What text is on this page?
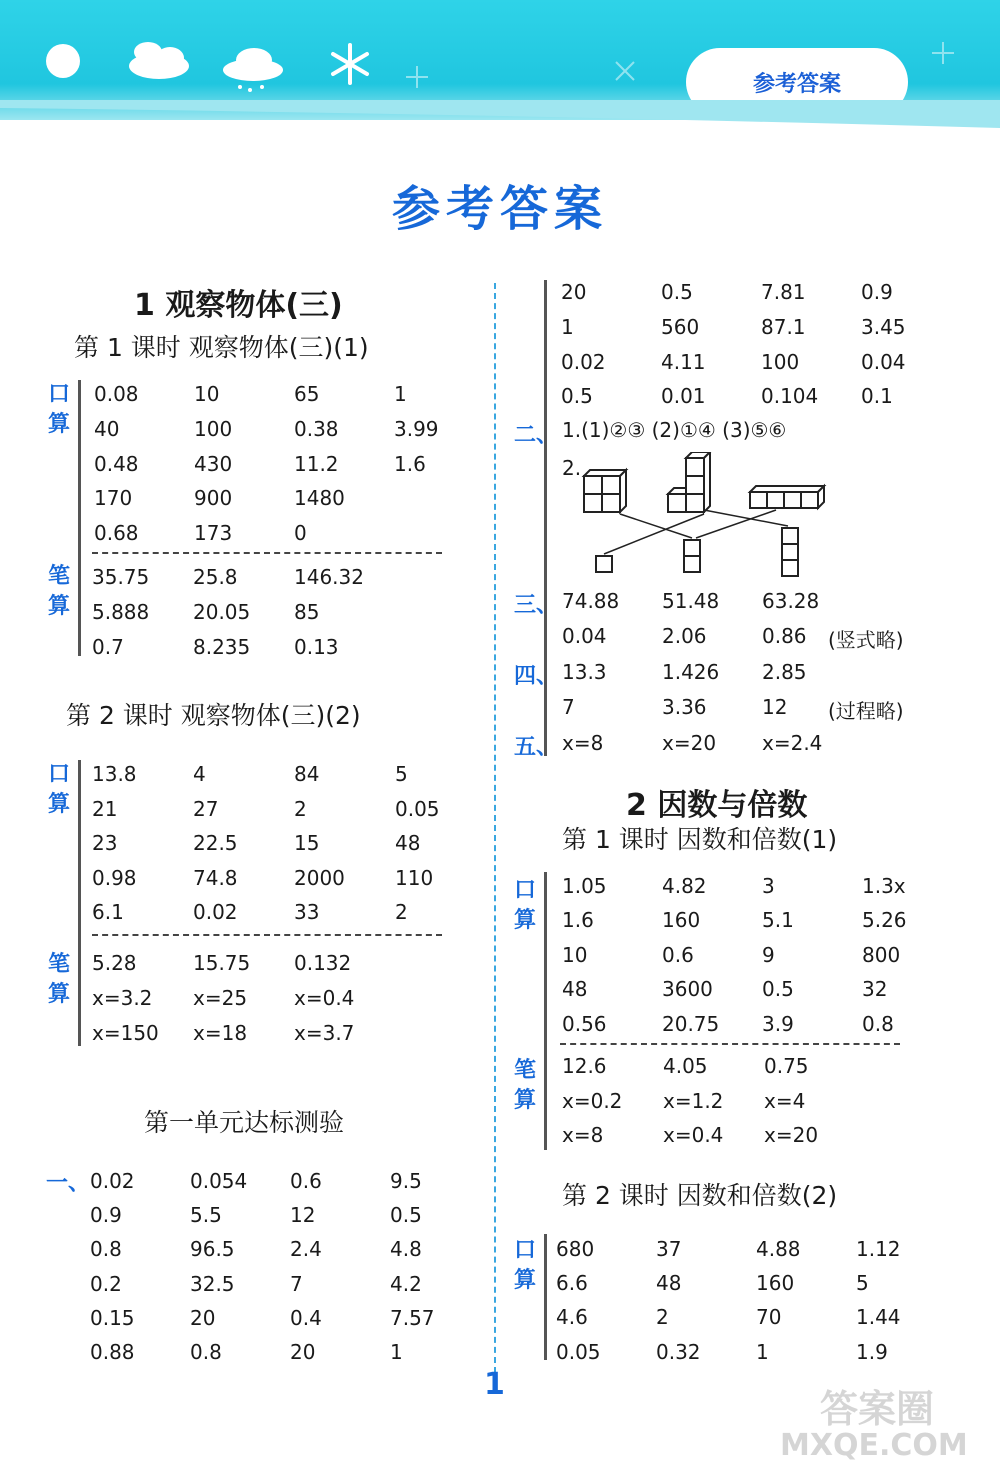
参考答案
参考答案
1 观察物体(三)
第 1 课时 观察物体(三)(1)
口算
0.08	10	65	1
40	100	0.38	3.99
0.48	430	11.2	1.6
170	900	1480
0.68	173	0
笔算
35.75 25.8	146.32
5.888 20.05 85
0.7	8.235 0.13
第 2 课时 观察物体(三)(2)
口算
13.8	4	84	5
21	27	2	0.05
23	22.5	15	48
0.98	74.8	2000	110
6.1	0.02	33	2
笔算
5.28	15.75 0.132
x=3.2 x=25 x=0.4
x=150 x=18 x=3.7
第一单元达标测验
一、 0.02	0.054 0.6	9.5
0.9	5.5	12	0.5
0.8	96.5	2.4	4.8
0.2	32.5	7	4.2
0.15	20	0.4	7.57
0.88	0.8	20	1
20	0.5	7.81	0.9
1	560	87.1	3.45
0.02	4.11	100	0.04
0.5	0.01	0.104 0.1
二、 1.(1)②③ (2)①④ (3)⑤⑥
2.
三、 74.88 51.48 63.28
0.04	2.06	0.86 (竖式略)
四、 13.3	1.426 2.85
7	3.36	12 (过程略)
五、 x=8	x=20 x=2.4
2 因数与倍数
第 1 课时 因数和倍数(1)
口算
1.05	4.82	3	1.3x
1.6	160	5.1	5.26
10	0.6	9	800
48	3600 0.5	32
0.56	20.75 3.9	0.8
笔算
12.6	4.05	0.75
x=0.2 x=1.2 x=4
x=8	x=0.4 x=20
第 2 课时 因数和倍数(2)
口算
680	37	4.88	1.12
6.6	48	160	5
4.6	2	70	1.44
0.05	0.32	1	1.9
1
答案圈
MXQE.COM
